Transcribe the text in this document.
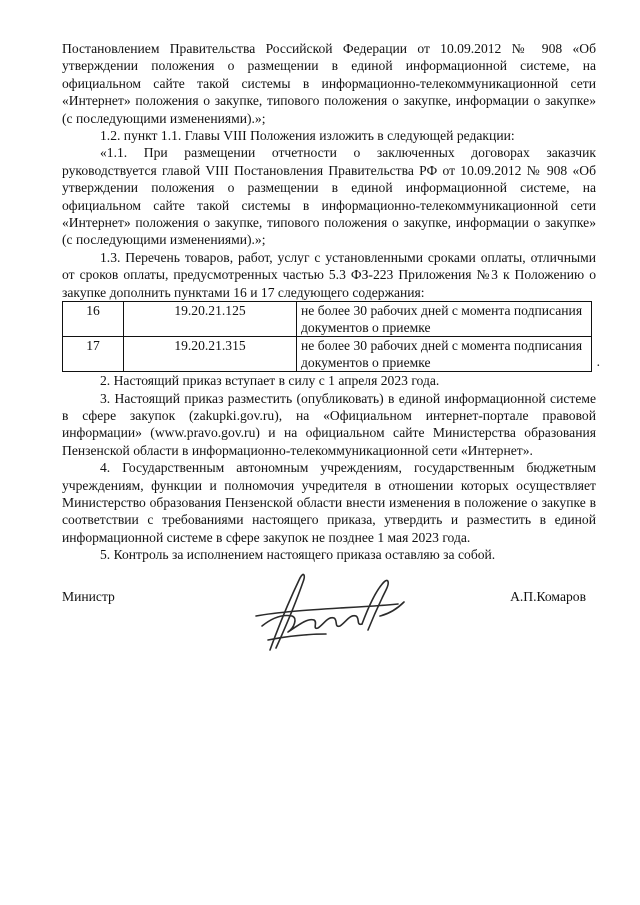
Постановлением Правительства Российской Федерации от 10.09.2012 № 908 «Об утверждении положения о размещении в единой информационной системе, на официальном сайте такой системы в информационно-телекоммуникационной сети «Интернет» положения о закупке, типового положения о закупке, информации о закупке» (с последующими изменениями).»;

1.2. пункт 1.1. Главы VIII Положения изложить в следующей редакции:

«1.1. При размещении отчетности о заключенных договорах заказчик руководствуется главой VIII Постановления Правительства РФ от 10.09.2012 № 908 «Об утверждении положения о размещении в единой информационной системе, на официальном сайте такой системы в информационно-телекоммуникационной сети «Интернет» положения о закупке, типового положения о закупке, информации о закупке» (с последующими изменениями).»;

1.3. Перечень товаров, работ, услуг с установленными сроками оплаты, отличными от сроков оплаты, предусмотренных частью 5.3 ФЗ-223 Приложения №3 к Положению о закупке дополнить пунктами 16 и 17 следующего содержания:

16	19.20.21.125	не более 30 рабочих дней с момента подписания документов о приемке
17	19.20.21.315	не более 30 рабочих дней с момента подписания документов о приемке	.

2. Настоящий приказ вступает в силу с 1 апреля 2023 года.

3. Настоящий приказ разместить (опубликовать) в единой информационной системе в сфере закупок (zakupki.gov.ru), на «Официальном интернет-портале правовой информации» (www.pravo.gov.ru) и на официальном сайте Министерства образования Пензенской области в информационно-телекоммуникационной сети «Интернет».

4. Государственным автономным учреждениям, государственным бюджетным учреждениям, функции и полномочия учредителя в отношении которых осуществляет Министерство образования Пензенской области внести изменения в положение о закупке в соответствии с требованиями настоящего приказа, утвердить и разместить в единой информационной системе в сфере закупок не позднее 1 мая 2023 года.

5. Контроль за исполнением настоящего приказа оставляю за собой.

Министр	А.П.Комаров
